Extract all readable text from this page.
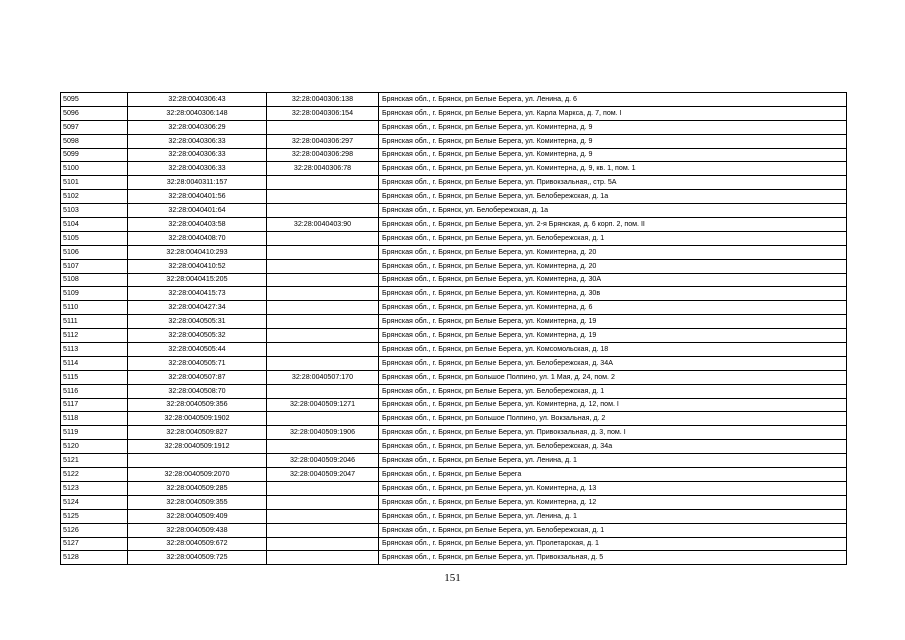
5095	32:28:0040306:43	32:28:0040306:138	Брянская обл., г. Брянск, рп Белые Берега, ул. Ленина, д. 6
5096	32:28:0040306:148	32:28:0040306:154	Брянская обл., г. Брянск, рп Белые Берега, ул. Карла Маркса, д. 7, пом. I
5097	32:28:0040306:29		Брянская обл., г. Брянск, рп Белые Берега, ул. Коминтерна, д. 9
5098	32:28:0040306:33	32:28:0040306:297	Брянская обл., г. Брянск, рп Белые Берега, ул. Коминтерна, д. 9
5099	32:28:0040306:33	32:28:0040306:298	Брянская обл., г. Брянск, рп Белые Берега, ул. Коминтерна, д. 9
5100	32:28:0040306:33	32:28:0040306:78	Брянская обл., г. Брянск, рп Белые Берега, ул. Коминтерна, д. 9, кв. 1, пом. 1
5101	32:28:0040311:157		Брянская обл., г. Брянск, рп Белые Берега, ул. Привокзальная,, стр. 5А
5102	32:28:0040401:56		Брянская обл., г. Брянск, рп Белые Берега, ул. Белобережская, д. 1а
5103	32:28:0040401:64		Брянская обл., г. Брянск, ул. Белобережская, д. 1а
5104	32:28:0040403:58	32:28:0040403:90	Брянская обл., г. Брянск, рп Белые Берега, ул. 2-я Брянская, д. 6 корп. 2, пом. II
5105	32:28:0040408:70		Брянская обл., г. Брянск, рп Белые Берега, ул. Белобережская, д. 1
5106	32:28:0040410:293		Брянская обл., г. Брянск, рп Белые Берега, ул. Коминтерна, д. 20
5107	32:28:0040410:52		Брянская обл., г. Брянск, рп Белые Берега, ул. Коминтерна, д. 20
5108	32:28:0040415:205		Брянская обл., г. Брянск, рп Белые Берега, ул. Коминтерна, д. 30А
5109	32:28:0040415:73		Брянская обл., г. Брянск, рп Белые Берега, ул. Коминтерна, д. 30в
5110	32:28:0040427:34		Брянская обл., г. Брянск, рп Белые Берега, ул. Коминтерна, д. 6
5111	32:28:0040505:31		Брянская обл., г. Брянск, рп Белые Берега, ул. Коминтерна, д. 19
5112	32:28:0040505:32		Брянская обл., г. Брянск, рп Белые Берега, ул. Коминтерна, д. 19
5113	32:28:0040505:44		Брянская обл., г. Брянск, рп Белые Берега, ул. Комсомольская, д. 18
5114	32:28:0040505:71		Брянская обл., г. Брянск, рп Белые Берега, ул. Белобережская, д. 34А
5115	32:28:0040507:87	32:28:0040507:170	Брянская обл., г. Брянск, рп Большое Полпино, ул. 1 Мая, д. 24, пом. 2
5116	32:28:0040508:70		Брянская обл., г. Брянск, рп Белые Берега, ул. Белобережская, д. 1
5117	32:28:0040509:356	32:28:0040509:1271	Брянская обл., г. Брянск, рп Белые Берега, ул. Коминтерна, д. 12, пом. I
5118	32:28:0040509:1902		Брянская обл., г. Брянск, рп Большое Полпино, ул. Вокзальная, д. 2
5119	32:28:0040509:827	32:28:0040509:1906	Брянская обл., г. Брянск, рп Белые Берега, ул. Привокзальная, д. 3, пом. I
5120	32:28:0040509:1912		Брянская обл., г. Брянск, рп Белые Берега, ул. Белобережская, д. 34а
5121		32:28:0040509:2046	Брянская обл., г. Брянск, рп Белые Берега, ул. Ленина, д. 1
5122	32:28:0040509:2070	32:28:0040509:2047	Брянская обл., г. Брянск, рп Белые Берега
5123	32:28:0040509:285		Брянская обл., г. Брянск, рп Белые Берега, ул. Коминтерна, д. 13
5124	32:28:0040509:355		Брянская обл., г. Брянск, рп Белые Берега, ул. Коминтерна, д. 12
5125	32:28:0040509:409		Брянская обл., г. Брянск, рп Белые Берега, ул. Ленина, д. 1
5126	32:28:0040509:438		Брянская обл., г. Брянск, рп Белые Берега, ул. Белобережская, д. 1
5127	32:28:0040509:672		Брянская обл., г. Брянск, рп Белые Берега, ул. Пролетарская, д. 1
5128	32:28:0040509:725		Брянская обл., г. Брянск, рп Белые Берега, ул. Привокзальная, д. 5
151
